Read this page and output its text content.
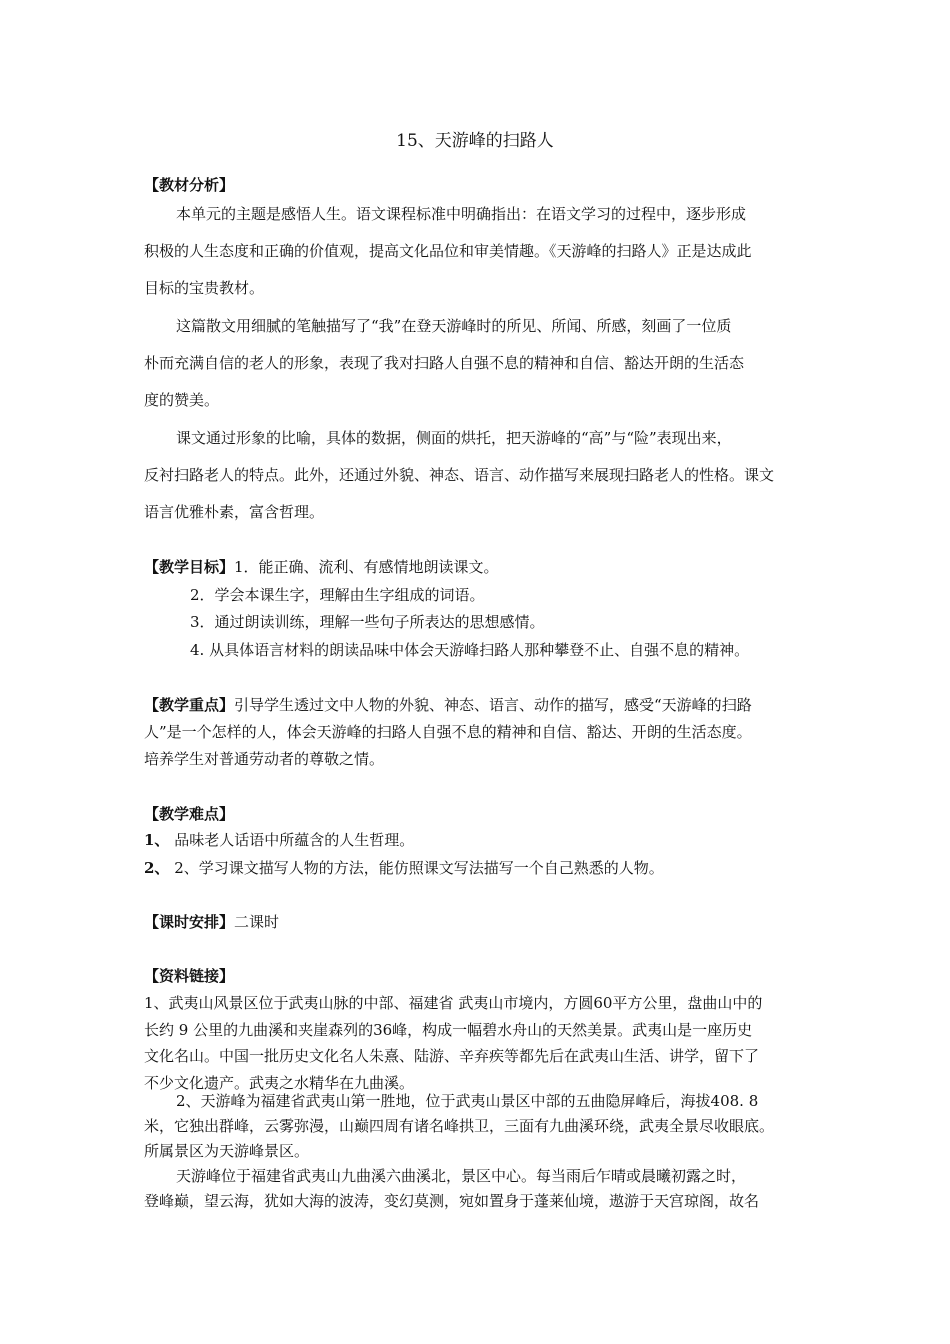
15、天游峰的扫路人
【教材分析】
本单元的主题是感悟人生。语文课程标准中明确指出：在语文学习的过程中，逐步形成
积极的人生态度和正确的价值观，提高文化品位和审美情趣。《天游峰的扫路人》正是达成此
目标的宝贵教材。
这篇散文用细腻的笔触描写了“我”在登天游峰时的所见、所闻、所感，刻画了一位质
朴而充满自信的老人的形象，表现了我对扫路人自强不息的精神和自信、豁达开朗的生活态
度的赞美。
课文通过形象的比喻，具体的数据，侧面的烘托，把天游峰的“高”与“险”表现出来，
反衬扫路老人的特点。此外，还通过外貌、神态、语言、动作描写来展现扫路老人的性格。课文
语言优雅朴素，富含哲理。
【教学目标】1．能正确、流利、有感情地朗读课文。
2．学会本课生字，理解由生字组成的词语。
3．通过朗读训练，理解一些句子所表达的思想感情。
4. 从具体语言材料的朗读品味中体会天游峰扫路人那种攀登不止、自强不息的精神。
【教学重点】引导学生透过文中人物的外貌、神态、语言、动作的描写，感受“天游峰的扫路
人”是一个怎样的人，体会天游峰的扫路人自强不息的精神和自信、豁达、开朗的生活态度。
培养学生对普通劳动者的尊敬之情。
【教学难点】
1、 品味老人话语中所蕴含的人生哲理。
2、 2、学习课文描写人物的方法，能仿照课文写法描写一个自己熟悉的人物。
【课时安排】二课时
【资料链接】
1、武夷山风景区位于武夷山脉的中部、福建省 武夷山市境内，方圆60平方公里，盘曲山中的
长约 9 公里的九曲溪和夹崖森列的36峰，构成一幅碧水舟山的天然美景。武夷山是一座历史
文化名山。中国一批历史文化名人朱熹、陆游、辛弃疾等都先后在武夷山生活、讲学，留下了
不少文化遗产。武夷之水精华在九曲溪。
2、天游峰为福建省武夷山第一胜地，位于武夷山景区中部的五曲隐屏峰后，海拔408. 8
米，它独出群峰，云雾弥漫，山巅四周有诸名峰拱卫，三面有九曲溪环绕，武夷全景尽收眼底。
所属景区为天游峰景区。
天游峰位于福建省武夷山九曲溪六曲溪北，景区中心。每当雨后乍晴或晨曦初露之时，
登峰巅，望云海，犹如大海的波涛，变幻莫测，宛如置身于蓬莱仙境，遨游于天宫琼阁，故名
